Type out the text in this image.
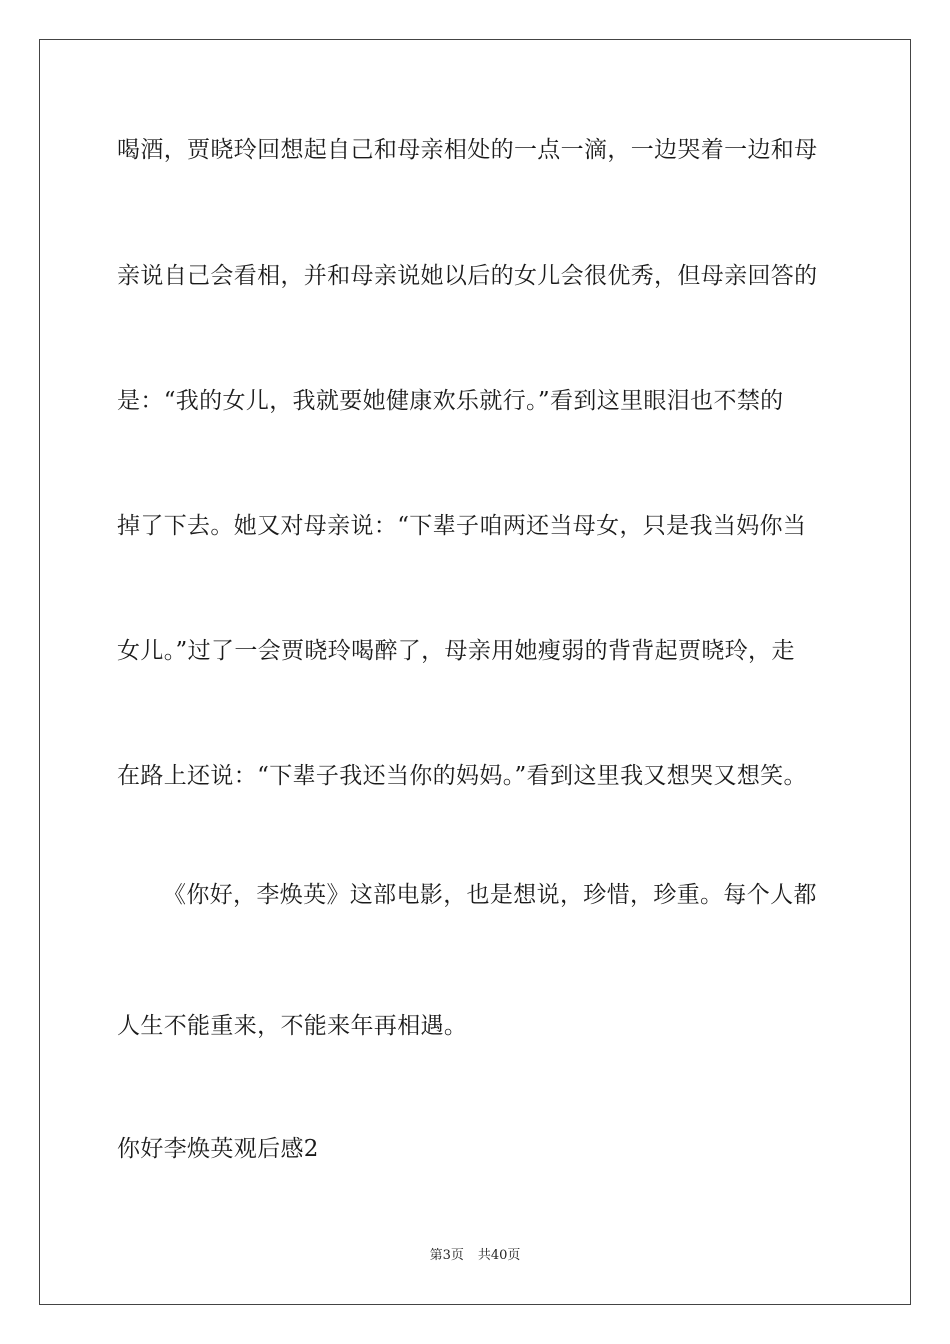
喝酒，贾晓玲回想起自己和母亲相处的一点一滴，一边哭着一边和母
亲说自己会看相，并和母亲说她以后的女儿会很优秀，但母亲回答的
是：“我的女儿，我就要她健康欢乐就行。”看到这里眼泪也不禁的
掉了下去。她又对母亲说：“下辈子咱两还当母女，只是我当妈你当
女儿。”过了一会贾晓玲喝醉了，母亲用她瘦弱的背背起贾晓玲，走
在路上还说：“下辈子我还当你的妈妈。”看到这里我又想哭又想笑。
《你好，李焕英》这部电影，也是想说，珍惜，珍重。每个人都
人生不能重来，不能来年再相遇。
你好李焕英观后感2
第3页 共40页
